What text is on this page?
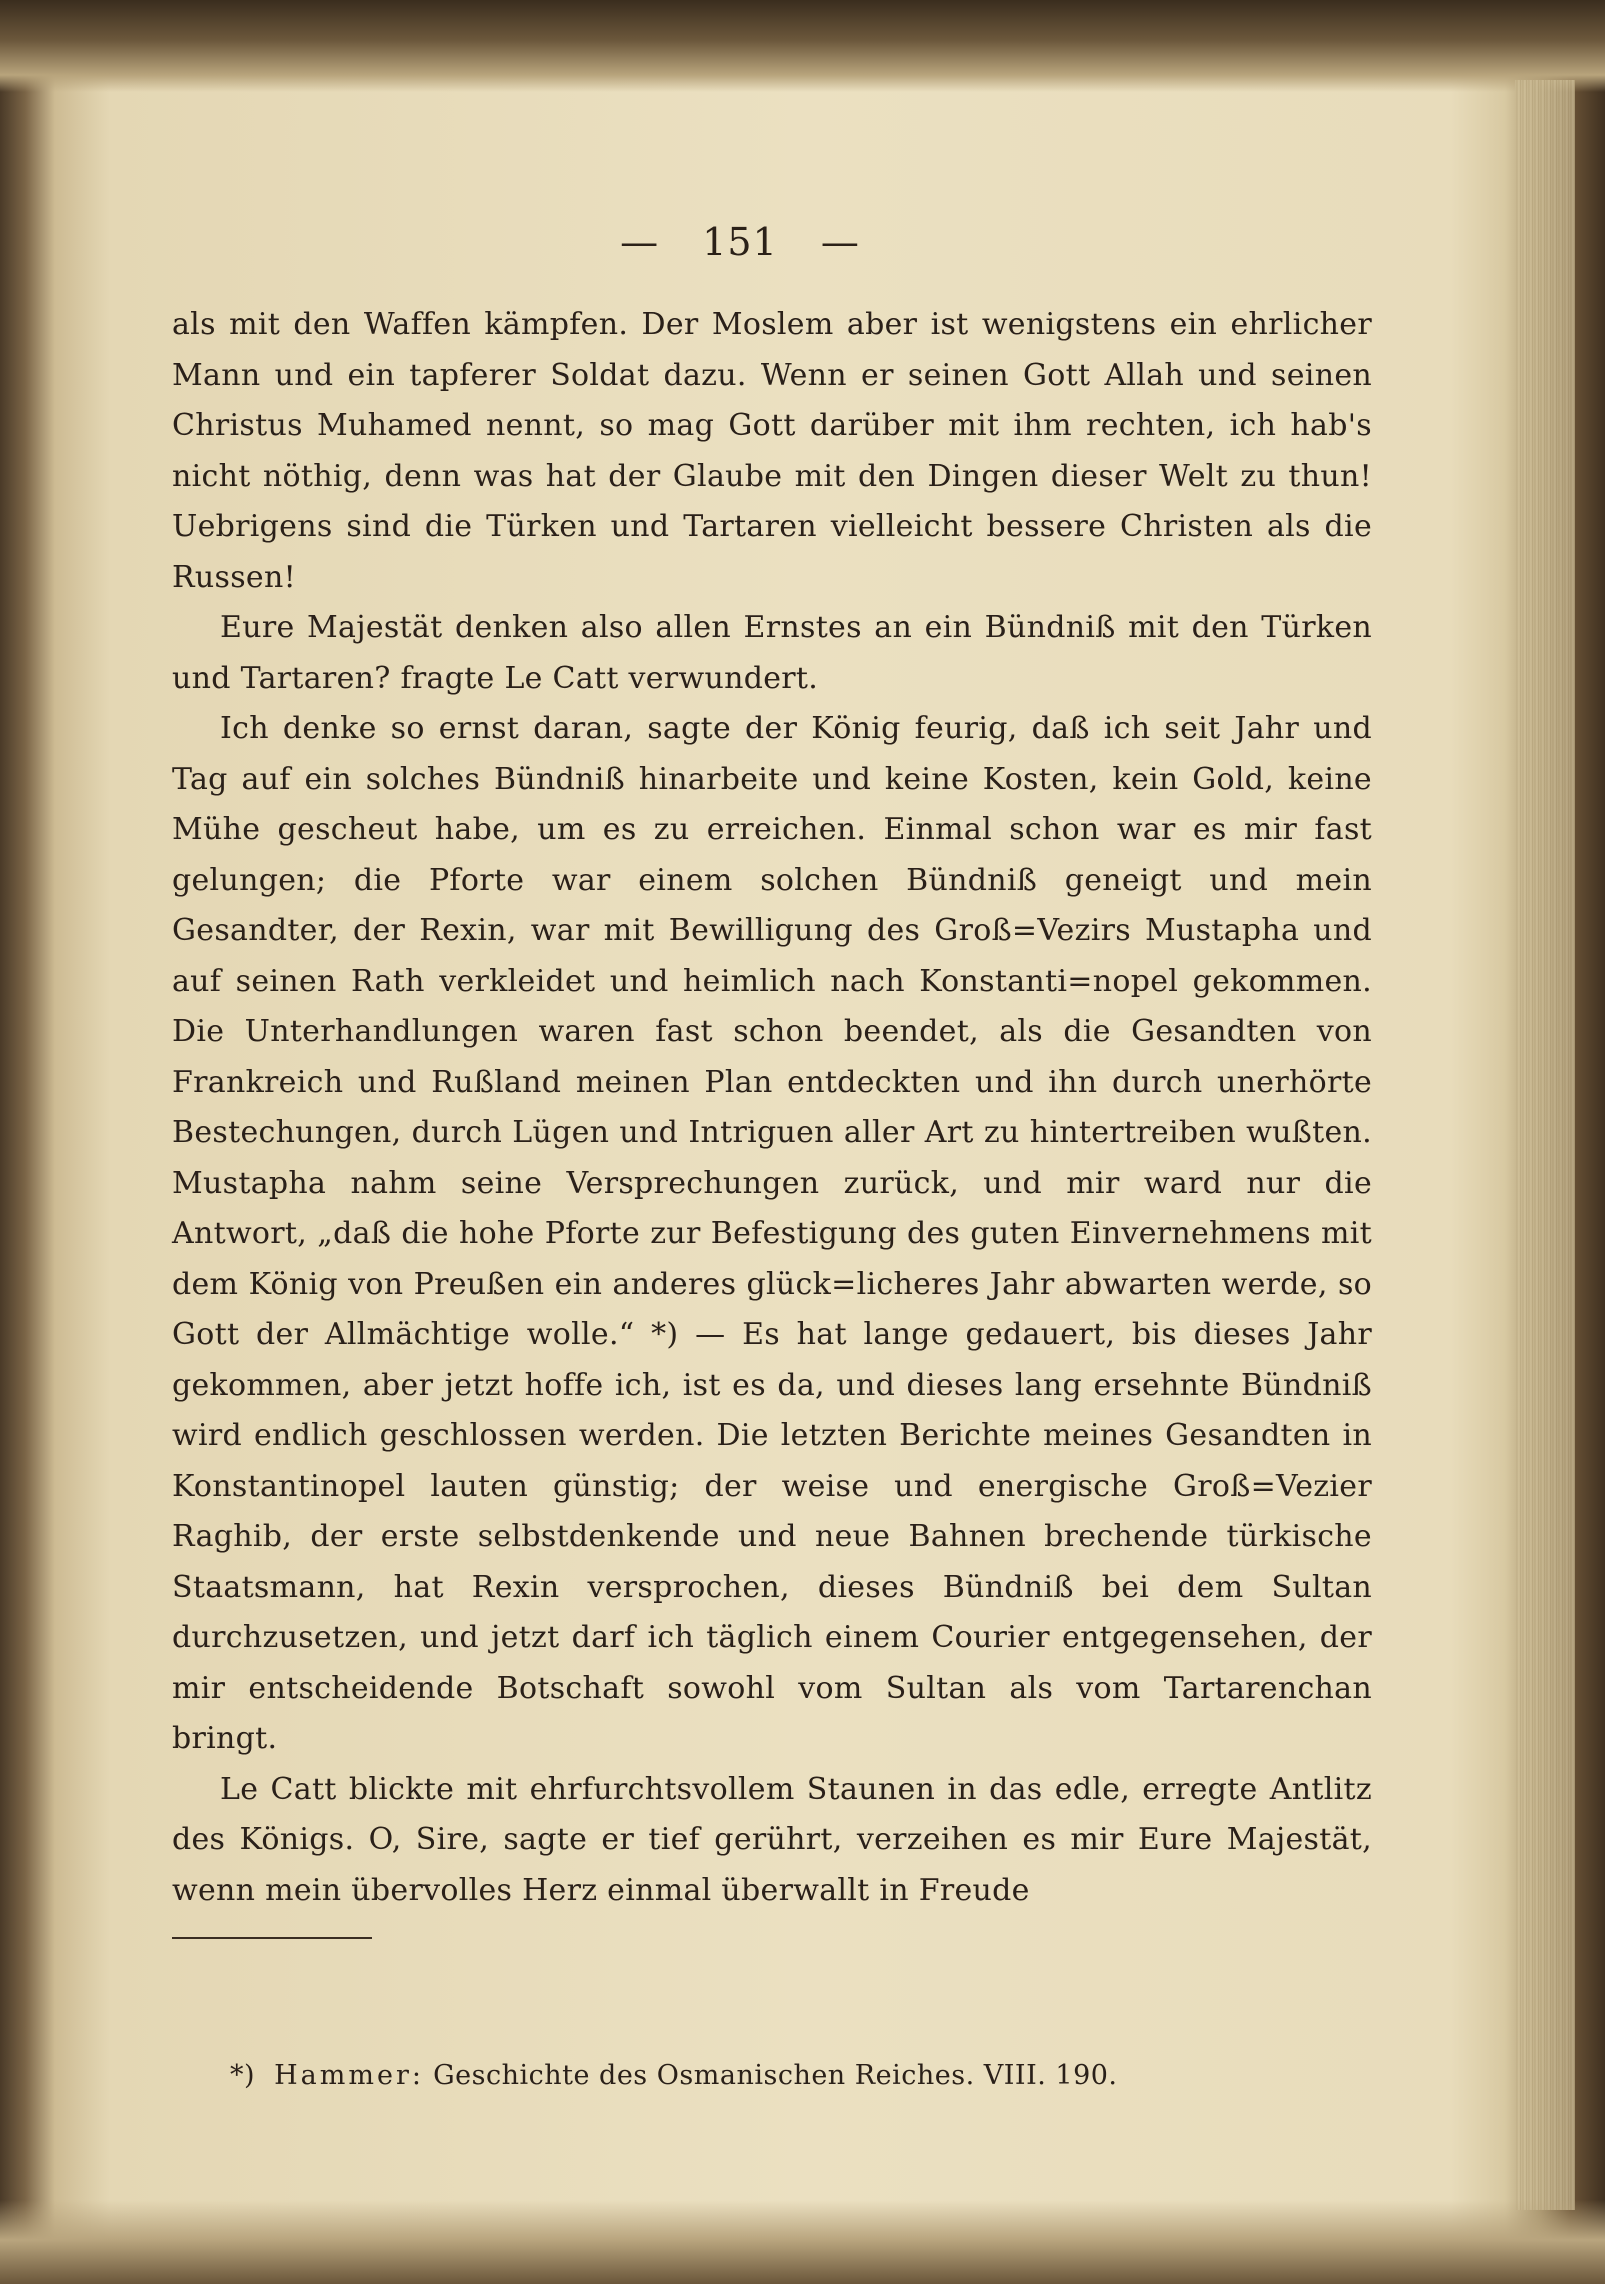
— 151 —

als mit den Waffen kämpfen. Der Moslem aber ist wenigstens ein ehrlicher Mann und ein tapferer Soldat dazu. Wenn er seinen Gott Allah und seinen Christus Muhamed nennt, so mag Gott darüber mit ihm rechten, ich hab's nicht nöthig, denn was hat der Glaube mit den Dingen dieser Welt zu thun! Uebrigens sind die Türken und Tartaren vielleicht bessere Christen als die Russen!

Eure Majestät denken also allen Ernstes an ein Bündniß mit den Türken und Tartaren? fragte Le Catt verwundert.

Ich denke so ernst daran, sagte der König feurig, daß ich seit Jahr und Tag auf ein solches Bündniß hinarbeite und keine Kosten, kein Gold, keine Mühe gescheut habe, um es zu erreichen. Einmal schon war es mir fast gelungen; die Pforte war einem solchen Bündniß geneigt und mein Gesandter, der Rexin, war mit Bewilligung des Groß=Vezirs Mustapha und auf seinen Rath verkleidet und heimlich nach Konstanti=nopel gekommen. Die Unterhandlungen waren fast schon beendet, als die Gesandten von Frankreich und Rußland meinen Plan entdeckten und ihn durch unerhörte Bestechungen, durch Lügen und Intriguen aller Art zu hintertreiben wußten. Mustapha nahm seine Versprechungen zurück, und mir ward nur die Antwort, „daß die hohe Pforte zur Befestigung des guten Einvernehmens mit dem König von Preußen ein anderes glück=licheres Jahr abwarten werde, so Gott der Allmächtige wolle.“ *) — Es hat lange gedauert, bis dieses Jahr gekommen, aber jetzt hoffe ich, ist es da, und dieses lang ersehnte Bündniß wird endlich geschlossen werden. Die letzten Berichte meines Gesandten in Konstantinopel lauten günstig; der weise und energische Groß=Vezier Raghib, der erste selbstdenkende und neue Bahnen brechende türkische Staatsmann, hat Rexin versprochen, dieses Bündniß bei dem Sultan durchzusetzen, und jetzt darf ich täglich einem Courier entgegensehen, der mir entscheidende Botschaft sowohl vom Sultan als vom Tartarenchan bringt.

Le Catt blickte mit ehrfurchtsvollem Staunen in das edle, erregte Antlitz des Königs. O, Sire, sagte er tief gerührt, verzeihen es mir Eure Majestät, wenn mein übervolles Herz einmal überwallt in Freude

*) Hammer: Geschichte des Osmanischen Reiches. VIII. 190.
